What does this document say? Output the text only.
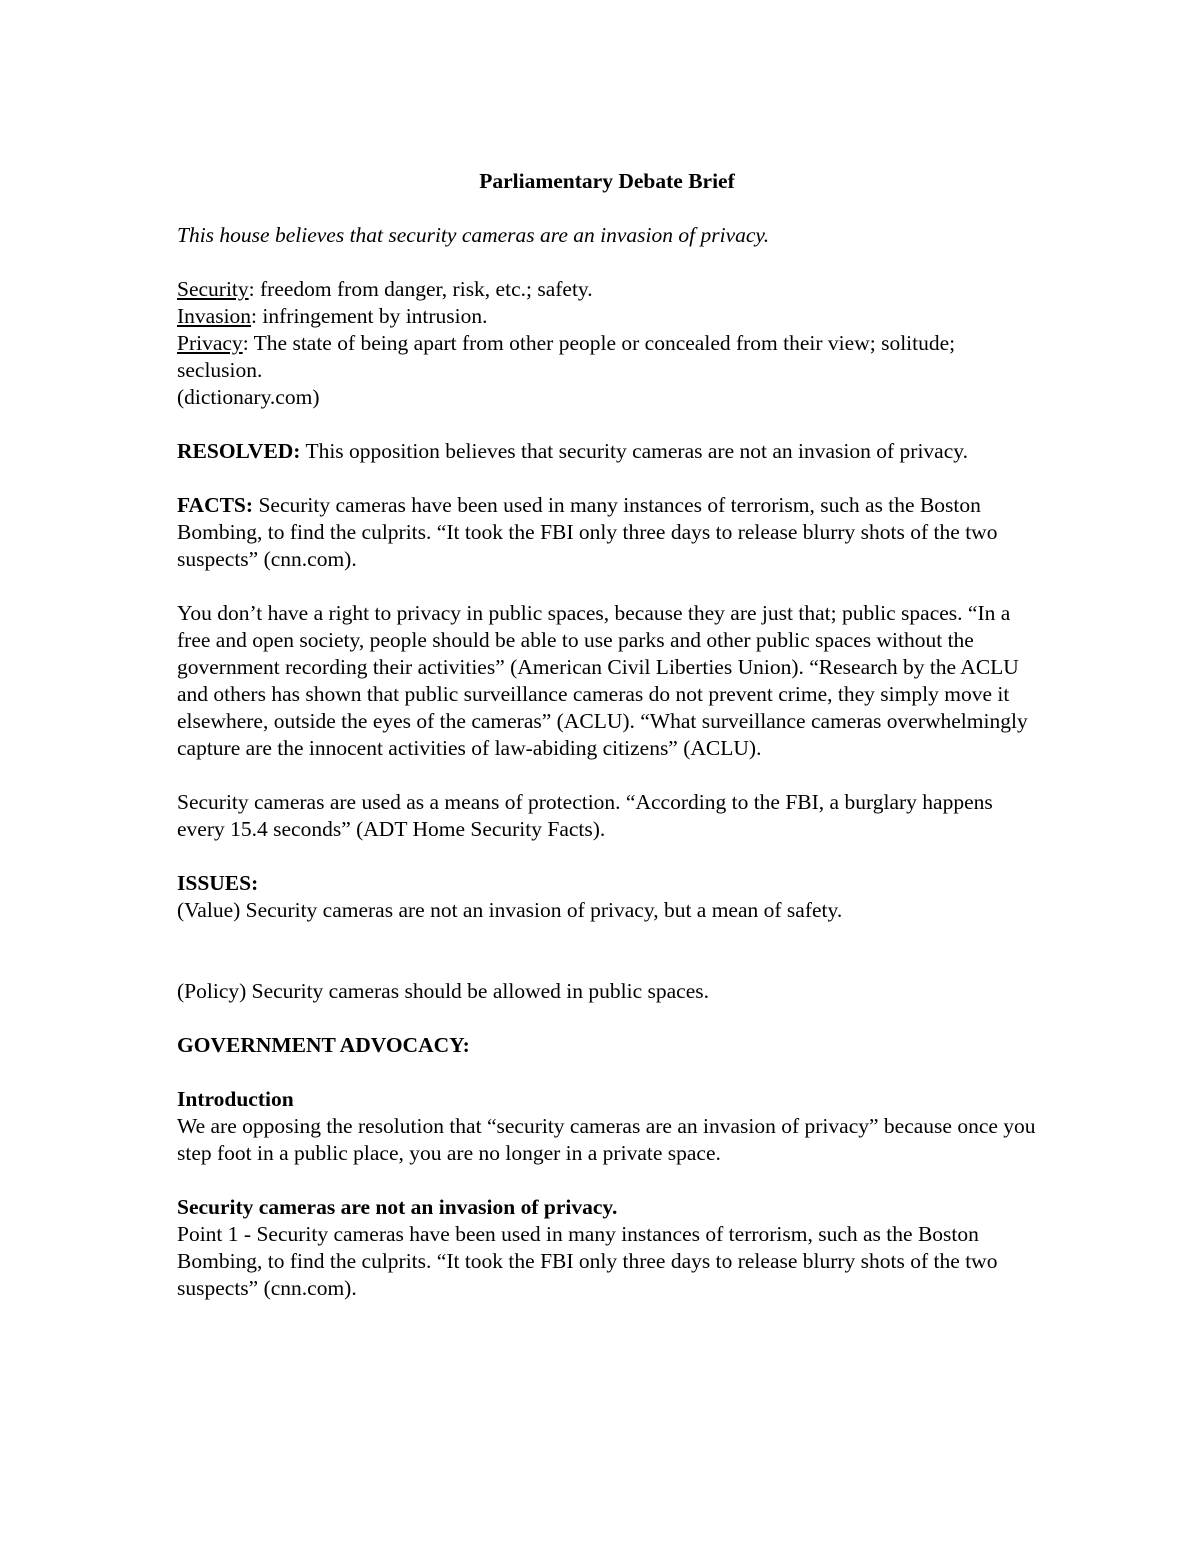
Parliamentary Debate Brief

This house believes that security cameras are an invasion of privacy.

Security: freedom from danger, risk, etc.; safety.

Invasion: infringement by intrusion.

Privacy: The state of being apart from other people or concealed from their view; solitude; seclusion.

(dictionary.com)

RESOLVED: This opposition believes that security cameras are not an invasion of privacy.

FACTS: Security cameras have been used in many instances of terrorism, such as the Boston Bombing, to find the culprits. “It took the FBI only three days to release blurry shots of the two suspects” (cnn.com).

You don’t have a right to privacy in public spaces, because they are just that; public spaces. “In a free and open society, people should be able to use parks and other public spaces without the government recording their activities” (American Civil Liberties Union). “Research by the ACLU and others has shown that public surveillance cameras do not prevent crime, they simply move it elsewhere, outside the eyes of the cameras” (ACLU). “What surveillance cameras overwhelmingly capture are the innocent activities of law-abiding citizens” (ACLU).

Security cameras are used as a means of protection. “According to the FBI, a burglary happens every 15.4 seconds” (ADT Home Security Facts).

ISSUES:

(Value) Security cameras are not an invasion of privacy, but a mean of safety.

(Policy) Security cameras should be allowed in public spaces.

GOVERNMENT ADVOCACY:

Introduction

We are opposing the resolution that “security cameras are an invasion of privacy” because once you step foot in a public place, you are no longer in a private space.

Security cameras are not an invasion of privacy.

Point 1 - Security cameras have been used in many instances of terrorism, such as the Boston Bombing, to find the culprits. “It took the FBI only three days to release blurry shots of the two suspects” (cnn.com).
